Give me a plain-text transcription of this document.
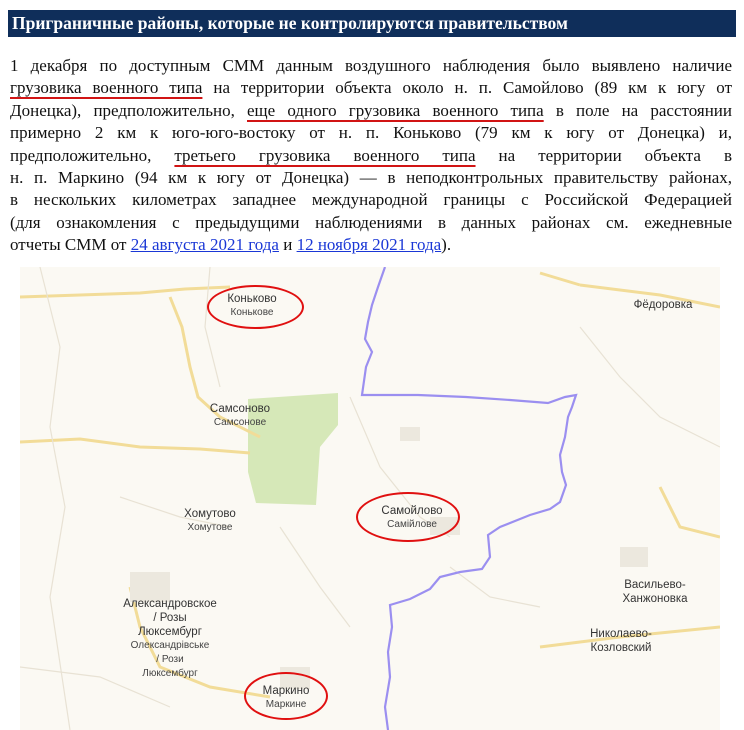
Приграничные районы, которые не контролируются правительством
1 декабря по доступным СММ данным воздушного наблюдения было выявлено наличие
грузовика военного типа на территории объекта около н. п. Самойлово (89 км к югу от
Донецка), предположительно, еще одного грузовика военного типа в поле на расстоянии
примерно 2 км к юго-юго-востоку от н. п. Коньково (79 км к югу от Донецка) и,
предположительно, третьего грузовика военного типа на территории объекта в
н. п. Маркино (94 км к югу от Донецка) — в неподконтрольных правительству районах,
в нескольких километрах западнее международной границы с Российской Федерацией
(для ознакомления с предыдущими наблюдениями в данных районах см. ежедневные
отчеты СММ от 24 августа 2021 года и 12 ноября 2021 года).
Коньково
Конькове
Самсоново
Самсонове
Хомутово
Хомутове
Самойлово
Самійлове
Александровское
/ Розы
Люксембург
Олександрівське
/ Рози
Люксембург
Маркино
Маркине
Фёдоровка
Васильево-
Ханжоновка
Николаево-
Козловский
